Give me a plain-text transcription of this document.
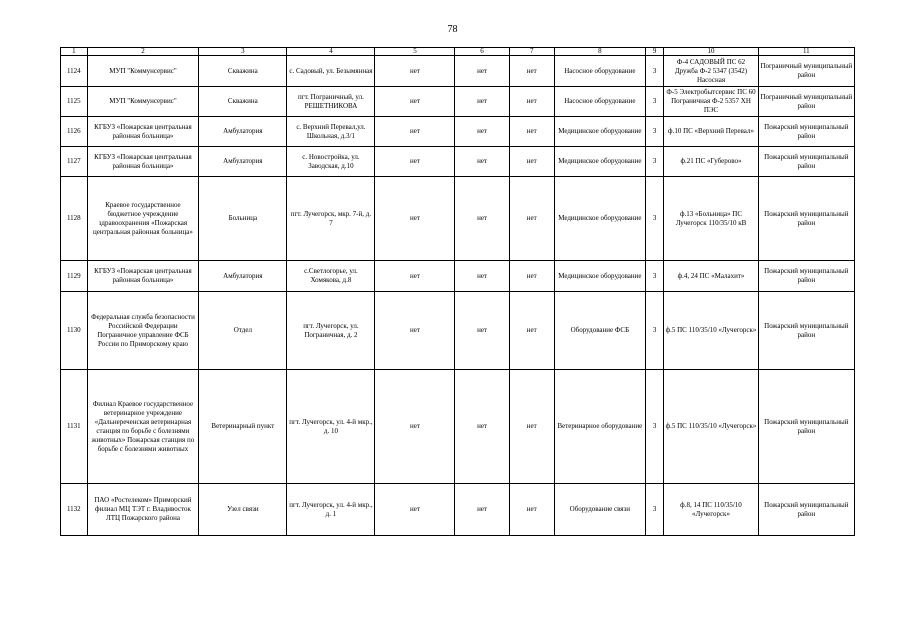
78
1	2	3	4	5	6	7	8	9	10	11
1124	МУП "Коммунсервис"	Скважина	с. Садовый, ул. Безымянная	нет	нет	нет	Насосное оборудование	3	Ф-4 САДОВЫЙ ПС 62 Дружба Ф-2 5347 (3542) Насосная	Пограничный муниципальный район
1125	МУП "Коммунсервис"	Скважина	пгт. Пограничный, ул. РЕШЕТНИКОВА	нет	нет	нет	Насосное оборудование	3	Ф-5 Электробытсервис ПС 60 Пограничная Ф-2 5357 ХН ПЭС	Пограничный муниципальный район
1126	КГБУЗ «Пожарская центральная районная больница»	Амбулатория	с. Верхний Перевал,ул. Школьная, д.3/1	нет	нет	нет	Медицинское оборудование	3	ф.10 ПС «Верхний Перевал»	Пожарский муниципальный район
1127	КГБУЗ «Пожарская центральная районная больница»	Амбулатория	с. Новостройка, ул. Заводская, д.10	нет	нет	нет	Медицинское оборудование	3	ф.21 ПС «Губерово»	Пожарский муниципальный район
1128	Краевое государственное бюджетное учреждение здравоохранения «Пожарская центральная районная больница»	Больница	пгт. Лучегорск, мкр. 7-й, д. 7	нет	нет	нет	Медицинское оборудование	3	ф.13 «Больница» ПС Лучегорск 110/35/10 кВ	Пожарский муниципальный район
1129	КГБУЗ «Пожарская центральная районная больница»	Амбулатория	с.Светлогорье, ул. Хомякова, д.8	нет	нет	нет	Медицинское оборудование	3	ф.4, 24 ПС «Малахит»	Пожарский муниципальный район
1130	Федеральная служба безопасности Российской Федерации Пограничное управление ФСБ России по Приморскому краю	Отдел	пгт. Лучегорск, ул. Пограничная, д. 2	нет	нет	нет	Оборудование ФСБ	3	ф.5 ПС 110/35/10 «Лучегорск»	Пожарский муниципальный район
1131	Филиал Краевое государственное ветеринарное учреждение «Дальнереченская ветеринарная станция по борьбе с болезнями животных» Пожарская станция по борьбе с болезнями животных	Ветеринарный пункт	пгт. Лучегорск, ул. 4-й мкр., д. 10	нет	нет	нет	Ветеринарное оборудование	3	ф.5 ПС 110/35/10 «Лучегорск»	Пожарский муниципальный район
1132	ПАО «Ростелеком» Приморский филиал МЦ ТЭТ г. Владивосток ЛТЦ Пожарского района	Узел связи	пгт. Лучегорск, ул. 4-й мкр., д. 1	нет	нет	нет	Оборудование связи	3	ф.8, 14 ПС 110/35/10 «Лучегорск»	Пожарский муниципальный район
